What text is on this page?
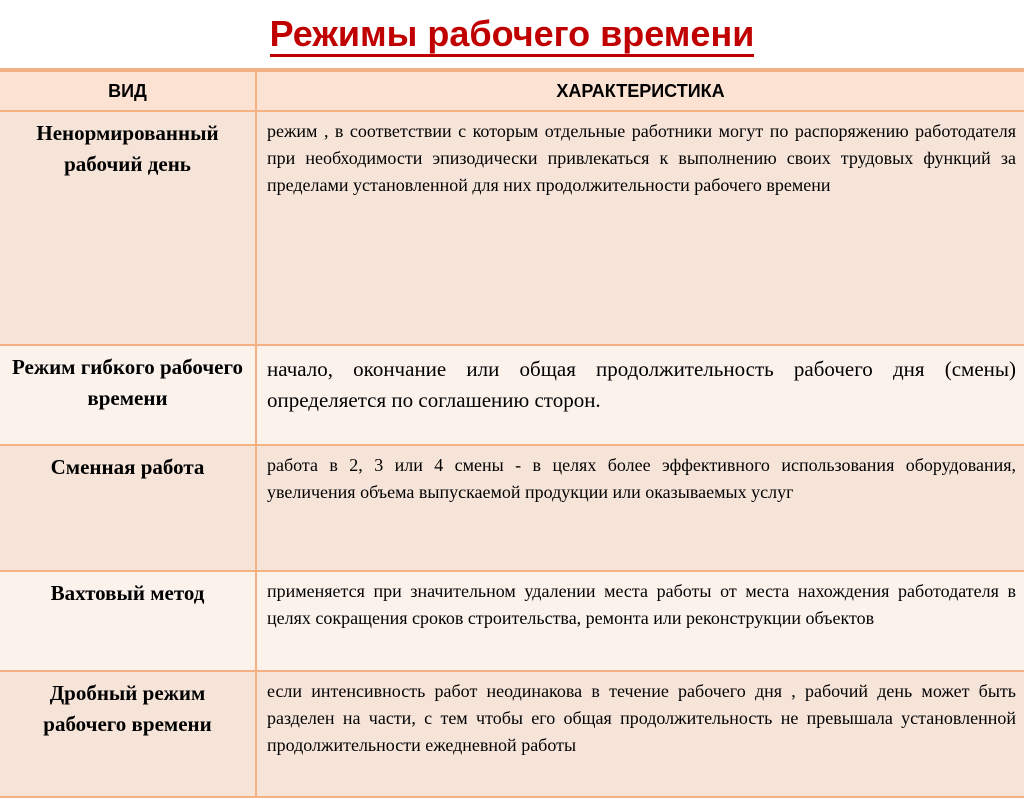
Режимы рабочего времени
ВИД	ХАРАКТЕРИСТИКА
Ненормированный рабочий день	режим , в соответствии с которым отдельные работники могут по распоряжению работодателя при необходимости эпизодически привлекаться к выполнению своих трудовых функций за пределами установленной для них продолжительности рабочего времени
Режим гибкого рабочего времени	начало, окончание или общая продолжительность рабочего дня (смены) определяется по соглашению сторон.
Сменная работа	работа в 2, 3 или 4 смены - в целях более эффективного использования оборудования, увеличения объема выпускаемой продукции или оказываемых услуг
Вахтовый метод	применяется при значительном удалении места работы от места нахождения работодателя в целях сокращения сроков строительства, ремонта или реконструкции объектов
Дробный режим рабочего времени	если интенсивность работ неодинакова в течение рабочего дня , рабочий день может быть разделен на части, с тем чтобы его общая продолжительность не превышала установленной продолжительности ежедневной работы
